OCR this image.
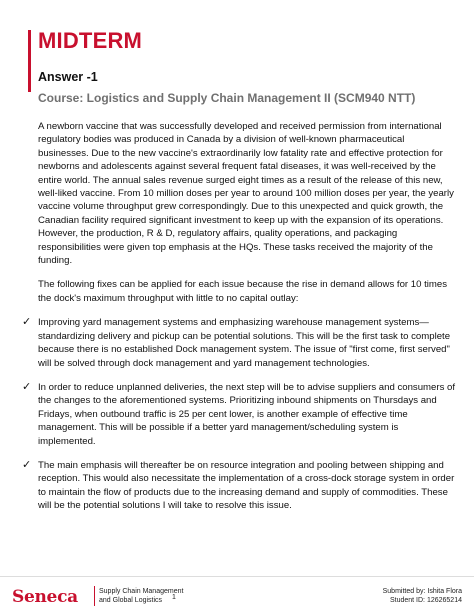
MIDTERM
Answer -1
Course: Logistics and Supply Chain Management II (SCM940 NTT)

A newborn vaccine that was successfully developed and received permission from international regulatory bodies was produced in Canada by a division of well-known pharmaceutical businesses. Due to the new vaccine's extraordinarily low fatality rate and effective protection for newborns and adolescents against several frequent fatal diseases, it was well-received by the entire world. The annual sales revenue surged eight times as a result of the release of this new, well-liked vaccine. From 10 million doses per year to around 100 million doses per year, the yearly vaccine volume throughput grew correspondingly. Due to this unexpected and quick growth, the Canadian facility required significant investment to keep up with the expansion of its operations. However, the production, R & D, regulatory affairs, quality operations, and packaging responsibilities were given top emphasis at the HQs. These tasks received the majority of the funding.

The following fixes can be applied for each issue because the rise in demand allows for 10 times the dock's maximum throughput with little to no capital outlay:

✓ Improving yard management systems and emphasizing warehouse management systems—standardizing delivery and pickup can be potential solutions. This will be the first task to complete because there is no established Dock management system. The issue of "first come, first served" will be solved through dock management and yard management technologies.
✓ In order to reduce unplanned deliveries, the next step will be to advise suppliers and consumers of the changes to the aforementioned systems. Prioritizing inbound shipments on Thursdays and Fridays, when outbound traffic is 25 per cent lower, is another example of effective time management. This will be possible if a better yard management/scheduling system is implemented.
✓ The main emphasis will thereafter be on resource integration and pooling between shipping and reception. This would also necessitate the implementation of a cross-dock storage system in order to maintain the flow of products due to the increasing demand and supply of commodities. These will be the potential solutions I will take to resolve this issue.
Seneca	Supply Chain Management
and Global Logistics	1
Submitted by: Ishita Flora
Student ID: 126265214
